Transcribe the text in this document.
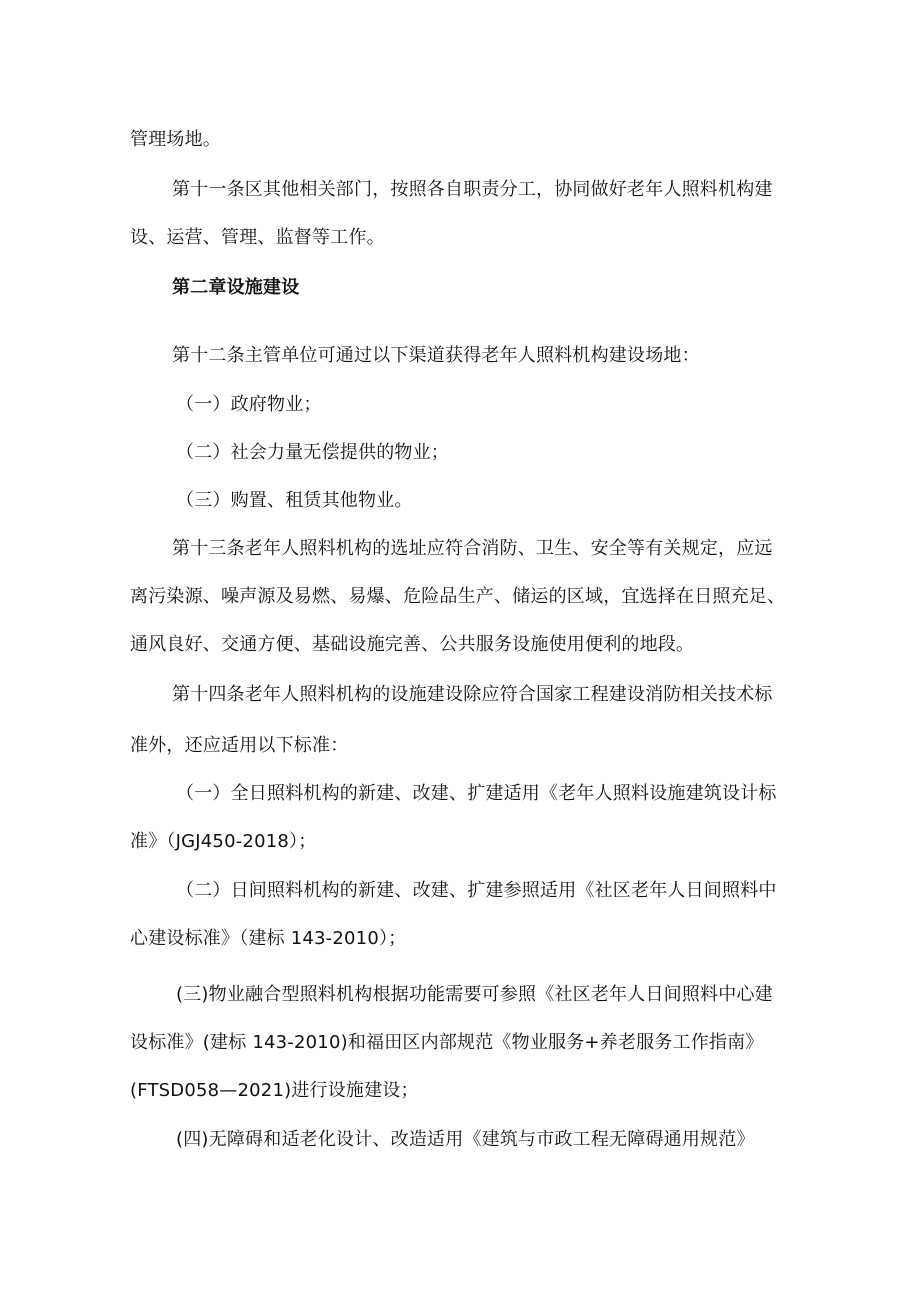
管理场地。
第十一条区其他相关部门，按照各自职责分工，协同做好老年人照料机构建
设、运营、管理、监督等工作。
第二章设施建设
第十二条主管单位可通过以下渠道获得老年人照料机构建设场地：
（一）政府物业；
（二）社会力量无偿提供的物业；
（三）购置、租赁其他物业。
第十三条老年人照料机构的选址应符合消防、卫生、安全等有关规定，应远
离污染源、噪声源及易燃、易爆、危险品生产、储运的区域，宜选择在日照充足、
通风良好、交通方便、基础设施完善、公共服务设施使用便利的地段。
第十四条老年人照料机构的设施建设除应符合国家工程建设消防相关技术标
准外，还应适用以下标准：
（一）全日照料机构的新建、改建、扩建适用《老年人照料设施建筑设计标
准》（JGJ450-2018）；
（二）日间照料机构的新建、改建、扩建参照适用《社区老年人日间照料中
心建设标准》（建标 143-2010）；
(三)物业融合型照料机构根据功能需要可参照《社区老年人日间照料中心建
设标准》(建标 143-2010)和福田区内部规范《物业服务+养老服务工作指南》
(FTSD058—2021)进行设施建设；
(四)无障碍和适老化设计、改造适用《建筑与市政工程无障碍通用规范》
